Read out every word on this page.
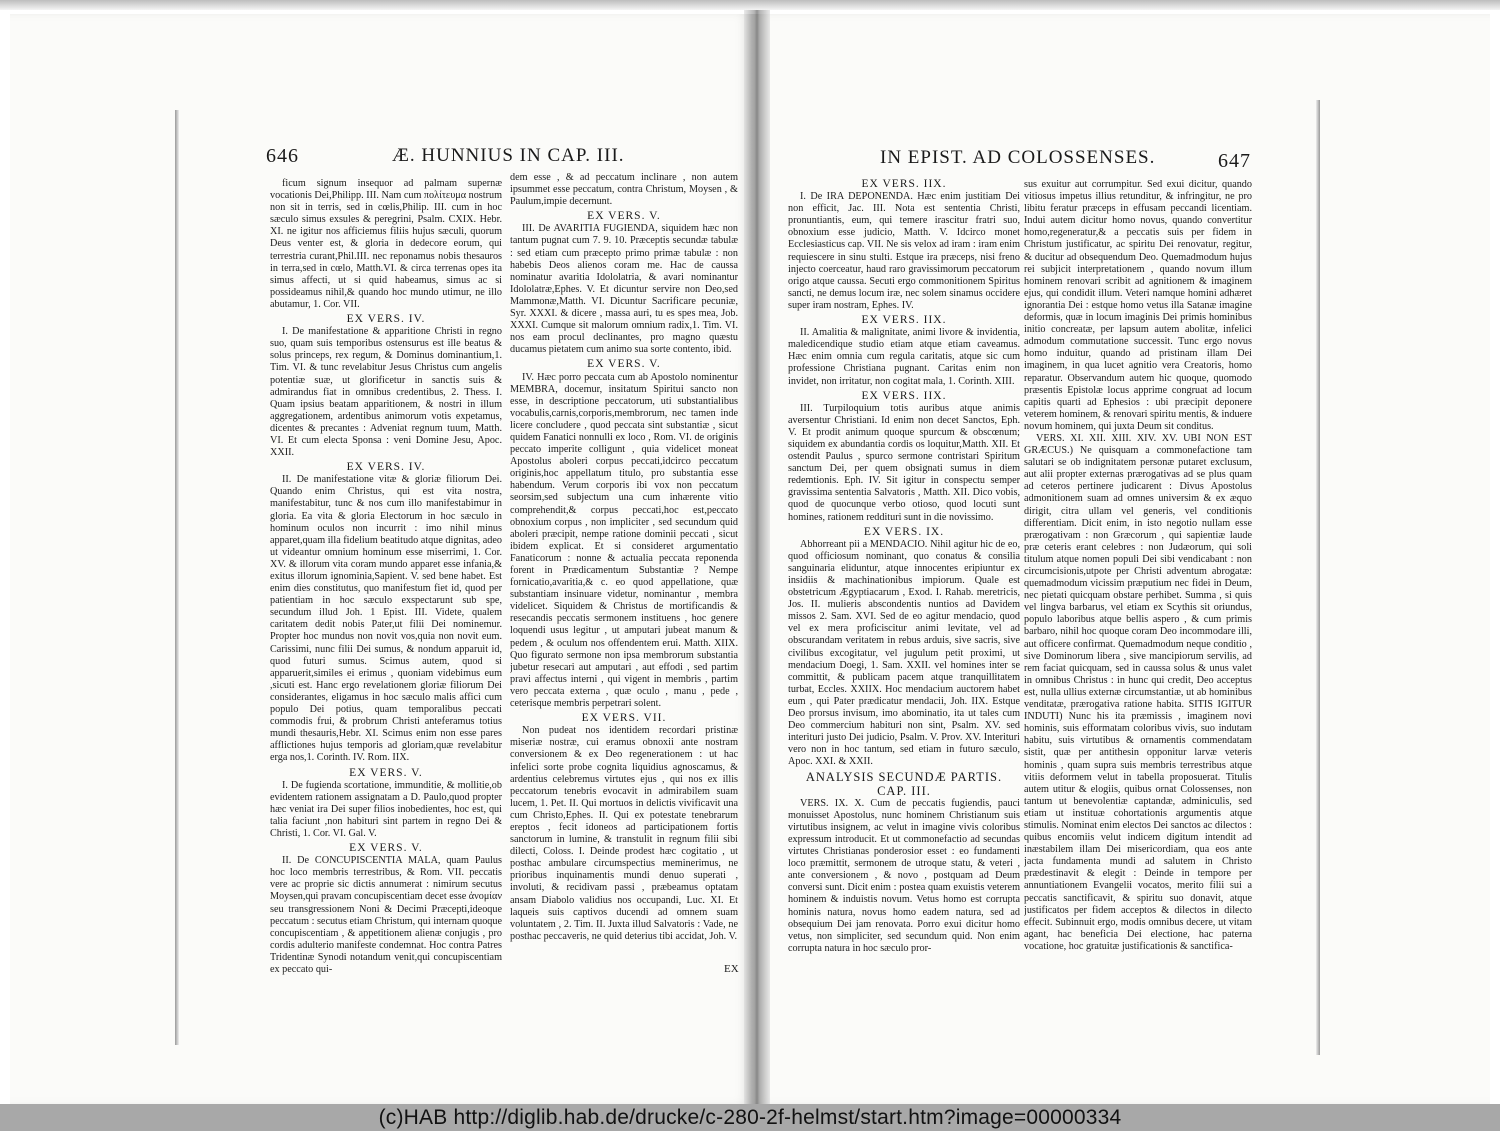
646	Æ. HUNNIUS IN CAP. III.	IN EPIST. AD COLOSSENSES.	647

ficum signum insequor ad palmam supernæ vocationis Dei,Philipp. III. Nam cum πολίτευμα nostrum non sit in terris, sed in cœlis,Philip. III. cum in hoc sæculo simus exsules & peregrini, Psalm. CXIX. Hebr. XI. ne igitur nos afficiemus filiis hujus sæculi, quorum Deus venter est, & gloria in dedecore eorum, qui terrestria curant,Phil.III. nec reponamus nobis thesauros in terra,sed in cœlo, Matth.VI. & circa terrenas opes ita simus affecti, ut si quid habeamus, simus ac si possideamus nihil,& quando hoc mundo utimur, ne illo abutamur, 1. Cor. VII.

EX VERS. IV.

I. De manifestatione & apparitione Christi in regno suo, quam suis temporibus ostensurus est ille beatus & solus princeps, rex regum, & Dominus dominantium,1. Tim. VI. & tunc revelabitur Jesus Christus cum angelis potentiæ suæ, ut glorificetur in sanctis suis & admirandus fiat in omnibus credentibus, 2. Thess. I. Quam ipsius beatam apparitionem, & nostri in illum aggregationem, ardentibus animorum votis expetamus, dicentes & precantes : Adveniat regnum tuum, Matth. VI. Et cum electa Sponsa : veni Domine Jesu, Apoc. XXII.

EX VERS. IV.

II. De manifestatione vitæ & gloriæ filiorum Dei. Quando enim Christus, qui est vita nostra, manifestabitur, tunc & nos cum illo manifestabimur in gloria. Ea vita & gloria Electorum in hoc sæculo in hominum oculos non incurrit : imo nihil minus apparet,quam illa fidelium beatitudo atque dignitas, adeo ut videantur omnium hominum esse miserrimi, 1. Cor. XV. & illorum vita coram mundo apparet esse infania,& exitus illorum ignominia,Sapient. V. sed bene habet. Est enim dies constitutus, quo manifestum fiet id, quod per patientiam in hoc sæculo exspectarunt sub spe, secundum illud Joh. 1 Epist. III. Videte, qualem caritatem dedit nobis Pater,ut filii Dei nominemur. Propter hoc mundus non novit vos,quia non novit eum. Carissimi, nunc filii Dei sumus, & nondum apparuit id, quod futuri sumus. Scimus autem, quod si apparuerit,similes ei erimus , quoniam videbimus eum ,sicuti est. Hanc ergo revelationem gloriæ filiorum Dei considerantes, eligamus in hoc sæculo malis affici cum populo Dei potius, quam temporalibus peccati commodis frui, & probrum Christi anteferamus totius mundi thesauris,Hebr. XI. Scimus enim non esse pares afflictiones hujus temporis ad gloriam,quæ revelabitur erga nos,1. Corinth. IV. Rom. IIX.

EX VERS. V.

I. De fugienda scortatione, immunditie, & mollitie,ob evidentem rationem assignatam a D. Paulo,quod propter hæc veniat ira Dei super filios inobedientes, hoc est, qui talia faciunt ,non habituri sint partem in regno Dei & Christi, 1. Cor. VI. Gal. V.

EX VERS. V.

II. De CONCUPISCENTIA MALA, quam Paulus hoc loco membris terrestribus, & Rom. VII. peccatis vere ac proprie sic dictis annumerat : nimirum secutus Moysen,qui pravam concupiscentiam decet esse ἀνομίαν seu transgressionem Noni & Decimi Præcepti,ideoque peccatum : secutus etiam Christum, qui internam quoque concupiscentiam , & appetitionem alienæ conjugis , pro cordis adulterio manifeste condemnat. Hoc contra Patres Tridentinæ Synodi notandum venit,qui concupiscentiam ex peccato qui-

dem esse , & ad peccatum inclinare , non autem ipsummet esse peccatum, contra Christum, Moysen , & Paulum,impie decernunt.

EX VERS. V.

III. De AVARITIA FUGIENDA, siquidem hæc non tantum pugnat cum 7. 9. 10. Præceptis secundæ tabulæ : sed etiam cum præcepto primo primæ tabulæ : non habebis Deos alienos coram me. Hac de caussa nominatur avaritia Idololatria, & avari nominantur Idololatræ,Ephes. V. Et dicuntur servire non Deo,sed Mammonæ,Matth. VI. Dicuntur Sacrificare pecuniæ, Syr. XXXI. & dicere , massa auri, tu es spes mea, Job. XXXI. Cumque sit malorum omnium radix,1. Tim. VI. nos eam procul declinantes, pro magno quæstu ducamus pietatem cum animo sua sorte contento, ibid.

EX VERS. V.

IV. Hæc porro peccata cum ab Apostolo nominentur MEMBRA, docemur, insitatum Spiritui sancto non esse, in descriptione peccatorum, uti substantialibus vocabulis,carnis,corporis,membrorum, nec tamen inde licere concludere , quod peccata sint substantiæ , sicut quidem Fanatici nonnulli ex loco , Rom. VI. de originis peccato imperite colligunt , quia videlicet moneat Apostolus aboleri corpus peccati,idcirco peccatum originis,hoc appellatum titulo, pro substantia esse habendum. Verum corporis ibi vox non peccatum seorsim,sed subjectum una cum inhærente vitio comprehendit,& corpus peccati,hoc est,peccato obnoxium corpus , non impliciter , sed secundum quid aboleri præcipit, nempe ratione dominii peccati , sicut ibidem explicat. Et si consideret argumentatio Fanaticorum : nonne & actualia peccata reponenda forent in Prædicamentum Substantiæ ? Nempe fornicatio,avaritia,& c. eo quod appellatione, quæ substantiam insinuare videtur, nominantur , membra videlicet. Siquidem & Christus de mortificandis & resecandis peccatis sermonem instituens , hoc genere loquendi usus legitur , ut amputari jubeat manum & pedem , & oculum nos offendentem erui. Matth. XIIX. Quo figurato sermone non ipsa membrorum substantia jubetur resecari aut amputari , aut effodi , sed partim pravi affectus interni , qui vigent in membris , partim vero peccata externa , quæ oculo , manu , pede , ceterisque membris perpetrari solent.

EX VERS. VII.

Non pudeat nos identidem recordari pristinæ miseriæ nostræ, cui eramus obnoxii ante nostram conversionem & ex Deo regenerationem : ut hac infelici sorte probe cognita liquidius agnoscamus, & ardentius celebremus virtutes ejus , qui nos ex illis peccatorum tenebris evocavit in admirabilem suam lucem, 1. Pet. II. Qui mortuos in delictis vivificavit una cum Christo,Ephes. II. Qui ex potestate tenebrarum ereptos , fecit idoneos ad participationem fortis sanctorum in lumine, & transtulit in regnum filii sibi dilecti, Coloss. I. Deinde prodest hæc cogitatio , ut posthac ambulare circumspectius meminerimus, ne prioribus inquinamentis mundi denuo superati , involuti, & recidivam passi , præbeamus optatam ansam Diabolo validius nos occupandi, Luc. XI. Et laqueis suis captivos ducendi ad omnem suam voluntatem , 2. Tim. II. Juxta illud Salvatoris : Vade, ne posthac peccaveris, ne quid deterius tibi accidat, Joh. V.

EX VERS. IIX.

I. De IRA DEPONENDA. Hæc enim justitiam Dei non efficit, Jac. III. Nota est sententia Christi, pronuntiantis, eum, qui temere irascitur fratri suo, obnoxium esse judicio, Matth. V. Idcirco monet Ecclesiasticus cap. VII. Ne sis velox ad iram : iram enim requiescere in sinu stulti. Estque ira præceps, nisi freno injecto coerceatur, haud raro gravissimorum peccatorum origo atque caussa. Secuti ergo commonitionem Spiritus sancti, ne demus locum iræ, nec solem sinamus occidere super iram nostram, Ephes. IV.

EX VERS. IIX.

II. Amalitia & malignitate, animi livore & invidentia, maledicendique studio etiam atque etiam caveamus. Hæc enim omnia cum regula caritatis, atque sic cum professione Christiana pugnant. Caritas enim non invidet, non irritatur, non cogitat mala, 1. Corinth. XIII.

EX VERS. IIX.

III. Turpiloquium totis auribus atque animis aversentur Christiani. Id enim non decet Sanctos, Eph. V. Et prodit animum quoque spurcum & obscœnum; siquidem ex abundantia cordis os loquitur,Matth. XII. Et ostendit Paulus , spurco sermone contristari Spiritum sanctum Dei, per quem obsignati sumus in diem redemtionis. Eph. IV. Sit igitur in conspectu semper gravissima sententia Salvatoris , Matth. XII. Dico vobis, quod de quocunque verbo otioso, quod locuti sunt homines, rationem reddituri sunt in die novissimo.

EX VERS. IX.

Abhorreant pii a MENDACIO. Nihil agitur hic de eo, quod officiosum nominant, quo conatus & consilia sanguinaria eliduntur, atque innocentes eripiuntur ex insidiis & machinationibus impiorum. Quale est obstetricum Ægyptiacarum , Exod. I. Rahab. meretricis, Jos. II. mulieris abscondentis nuntios ad Davidem missos 2. Sam. XVI. Sed de eo agitur mendacio, quod vel ex mera proficiscitur animi levitate, vel ad obscurandam veritatem in rebus arduis, sive sacris, sive civilibus excogitatur, vel jugulum petit proximi, ut mendacium Doegi, 1. Sam. XXII. vel homines inter se committit, & publicam pacem atque tranquillitatem turbat, Eccles. XXIIX. Hoc mendacium auctorem habet eum , qui Pater prædicatur mendacii, Joh. IIX. Estque Deo prorsus invisum, imo abominatio, ita ut tales cum Deo commercium habituri non sint, Psalm. XV. sed interituri justo Dei judicio, Psalm. V. Prov. XV. Interituri vero non in hoc tantum, sed etiam in futuro sæculo, Apoc. XXI. & XXII.

ANALYSIS SECUNDÆ PARTIS.
CAP. III.

VERS. IX. X. Cum de peccatis fugiendis, pauci monuisset Apostolus, nunc hominem Christianum suis virtutibus insignem, ac velut in imagine vivis coloribus expressum introducit. Et ut commonefactio ad secundas virtutes Christianas ponderosior esset : eo fundamenti loco præmittit, sermonem de utroque statu, & veteri , ante conversionem , & novo , postquam ad Deum conversi sunt. Dicit enim : postea quam exuistis veterem hominem & induistis novum. Vetus homo est corrupta hominis natura, novus homo eadem natura, sed ad obsequium Dei jam renovata. Porro exui dicitur homo vetus, non simpliciter, sed secundum quid. Non enim corrupta natura in hoc sæculo pror-

sus exuitur aut corrumpitur. Sed exui dicitur, quando vitiosus impetus illius retunditur, & infringitur, ne pro libitu feratur præceps in effusam peccandi licentiam. Indui autem dicitur homo novus, quando convertitur homo,regeneratur,& a peccatis suis per fidem in Christum justificatur, ac spiritu Dei renovatur, regitur, & ducitur ad obsequendum Deo. Quemadmodum hujus rei subjicit interpretationem , quando novum illum hominem renovari scribit ad agnitionem & imaginem ejus, qui condidit illum. Veteri namque homini adhæret ignorantia Dei : estque homo vetus illa Satanæ imagine deformis, quæ in locum imaginis Dei primis hominibus initio concreatæ, per lapsum autem abolitæ, infelici admodum commutatione successit. Tunc ergo novus homo induitur, quando ad pristinam illam Dei imaginem, in qua lucet agnitio vera Creatoris, homo reparatur. Observandum autem hic quoque, quomodo præsentis Epistolæ locus apprime congruat ad locum capitis quarti ad Ephesios : ubi præcipit deponere veterem hominem, & renovari spiritu mentis, & induere novum hominem, qui juxta Deum sit conditus.

VERS. XI. XII. XIII. XIV. XV. UBI NON EST GRÆCUS.) Ne quisquam a commonefactione tam salutari se ob indignitatem personæ putaret exclusum, aut alii propter externas prærogativas ad se plus quam ad ceteros pertinere judicarent : Divus Apostolus admonitionem suam ad omnes universim & ex æquo dirigit, citra ullam vel generis, vel conditionis differentiam. Dicit enim, in isto negotio nullam esse prærogativam : non Græcorum , qui sapientiæ laude præ ceteris erant celebres : non Judæorum, qui soli titulum atque nomen populi Dei sibi vendicabant : non circumcisionis,utpote per Christi adventum abrogatæ: quemadmodum vicissim præputium nec fidei in Deum, nec pietati quicquam obstare perhibet. Summa , si quis vel lingva barbarus, vel etiam ex Scythis sit oriundus, populo laboribus atque bellis aspero , & cum primis barbaro, nihil hoc quoque coram Deo incommodare illi, aut officere confirmat. Quemadmodum neque conditio , sive Dominorum libera , sive mancipiorum servilis, ad rem faciat quicquam, sed in caussa solus & unus valet in omnibus Christus : in hunc qui credit, Deo acceptus est, nulla ullius externæ circumstantiæ, ut ab hominibus venditatæ, prærogativa ratione habita. SITIS IGITUR INDUTI) Nunc his ita præmissis , imaginem novi hominis, suis efformatam coloribus vivis, suo indutam habitu, suis virtutibus & ornamentis commendatam sistit, quæ per antithesin opponitur larvæ veteris hominis , quam supra suis membris terrestribus atque vitiis deformem velut in tabella proposuerat. Titulis autem utitur & elogiis, quibus ornat Colossenses, non tantum ut benevolentiæ captandæ, adminiculis, sed etiam ut instituæ cohortationis argumentis atque stimulis. Nominat enim electos Dei sanctos ac dilectos : quibus encomiis velut indicem digitum intendit ad inæstabilem illam Dei misericordiam, qua eos ante jacta fundamenta mundi ad salutem in Christo prædestinavit & elegit : Deinde in tempore per annuntiationem Evangelii vocatos, merito filii sui a peccatis sanctificavit, & spiritu suo donavit, atque justificatos per fidem acceptos & dilectos in dilecto effecit. Subinnuit ergo, modis omnibus decere, ut vitam agant, hac beneficia Dei electione, hac paterna vocatione, hoc gratuitæ justificationis & sanctifica-

EX
(c)HAB http://diglib.hab.de/drucke/c-280-2f-helmst/start.htm?image=00000334
